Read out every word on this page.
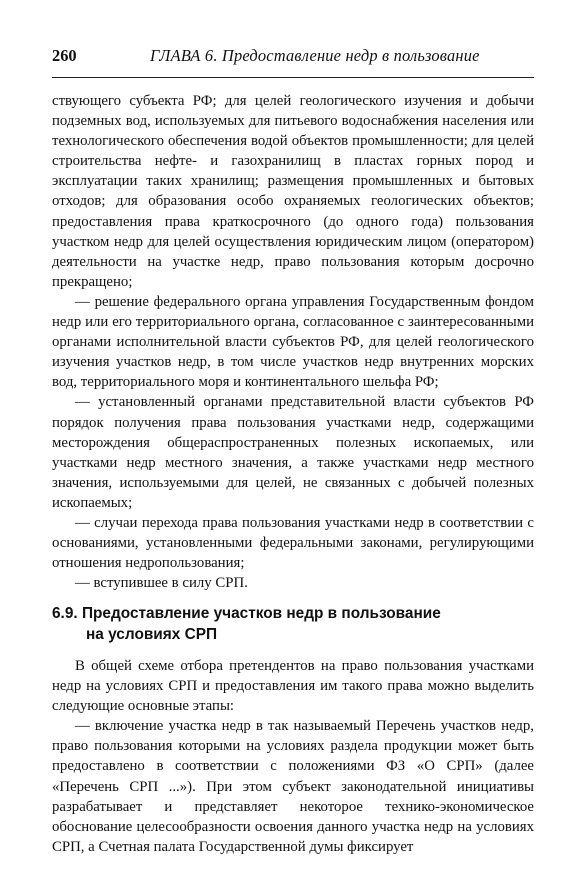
260	ГЛАВА 6. Предоставление недр в пользование

ствующего субъекта РФ; для целей геологического изучения и добычи подземных вод, используемых для питьевого водоснабжения населения или технологического обеспечения водой объектов промышленности; для целей строительства нефте- и газохранилищ в пластах горных пород и эксплуатации таких хранилищ; размещения промышленных и бытовых отходов; для образования особо охраняемых геологических объектов; предоставления права краткосрочного (до одного года) пользования участком недр для целей осуществления юридическим лицом (оператором) деятельности на участке недр, право пользования которым досрочно прекращено;

— решение федерального органа управления Государственным фондом недр или его территориального органа, согласованное с заинтересованными органами исполнительной власти субъектов РФ, для целей геологического изучения участков недр, в том числе участков недр внутренних морских вод, территориального моря и континентального шельфа РФ;

— установленный органами представительной власти субъектов РФ порядок получения права пользования участками недр, содержащими месторождения общераспространенных полезных ископаемых, или участками недр местного значения, а также участками недр местного значения, используемыми для целей, не связанных с добычей полезных ископаемых;

— случаи перехода права пользования участками недр в соответствии с основаниями, установленными федеральными законами, регулирующими отношения недропользования;

— вступившее в силу СРП.

6.9. Предоставление участков недр в пользование
на условиях СРП

В общей схеме отбора претендентов на право пользования участками недр на условиях СРП и предоставления им такого права можно выделить следующие основные этапы:

— включение участка недр в так называемый Перечень участков недр, право пользования которыми на условиях раздела продукции может быть предоставлено в соответствии с положениями ФЗ «О СРП» (далее «Перечень СРП ...»). При этом субъект законодательной инициативы разрабатывает и представляет некоторое технико-экономическое обоснование целесообразности освоения данного участка недр на условиях СРП, а Счетная палата Государственной думы фиксирует
